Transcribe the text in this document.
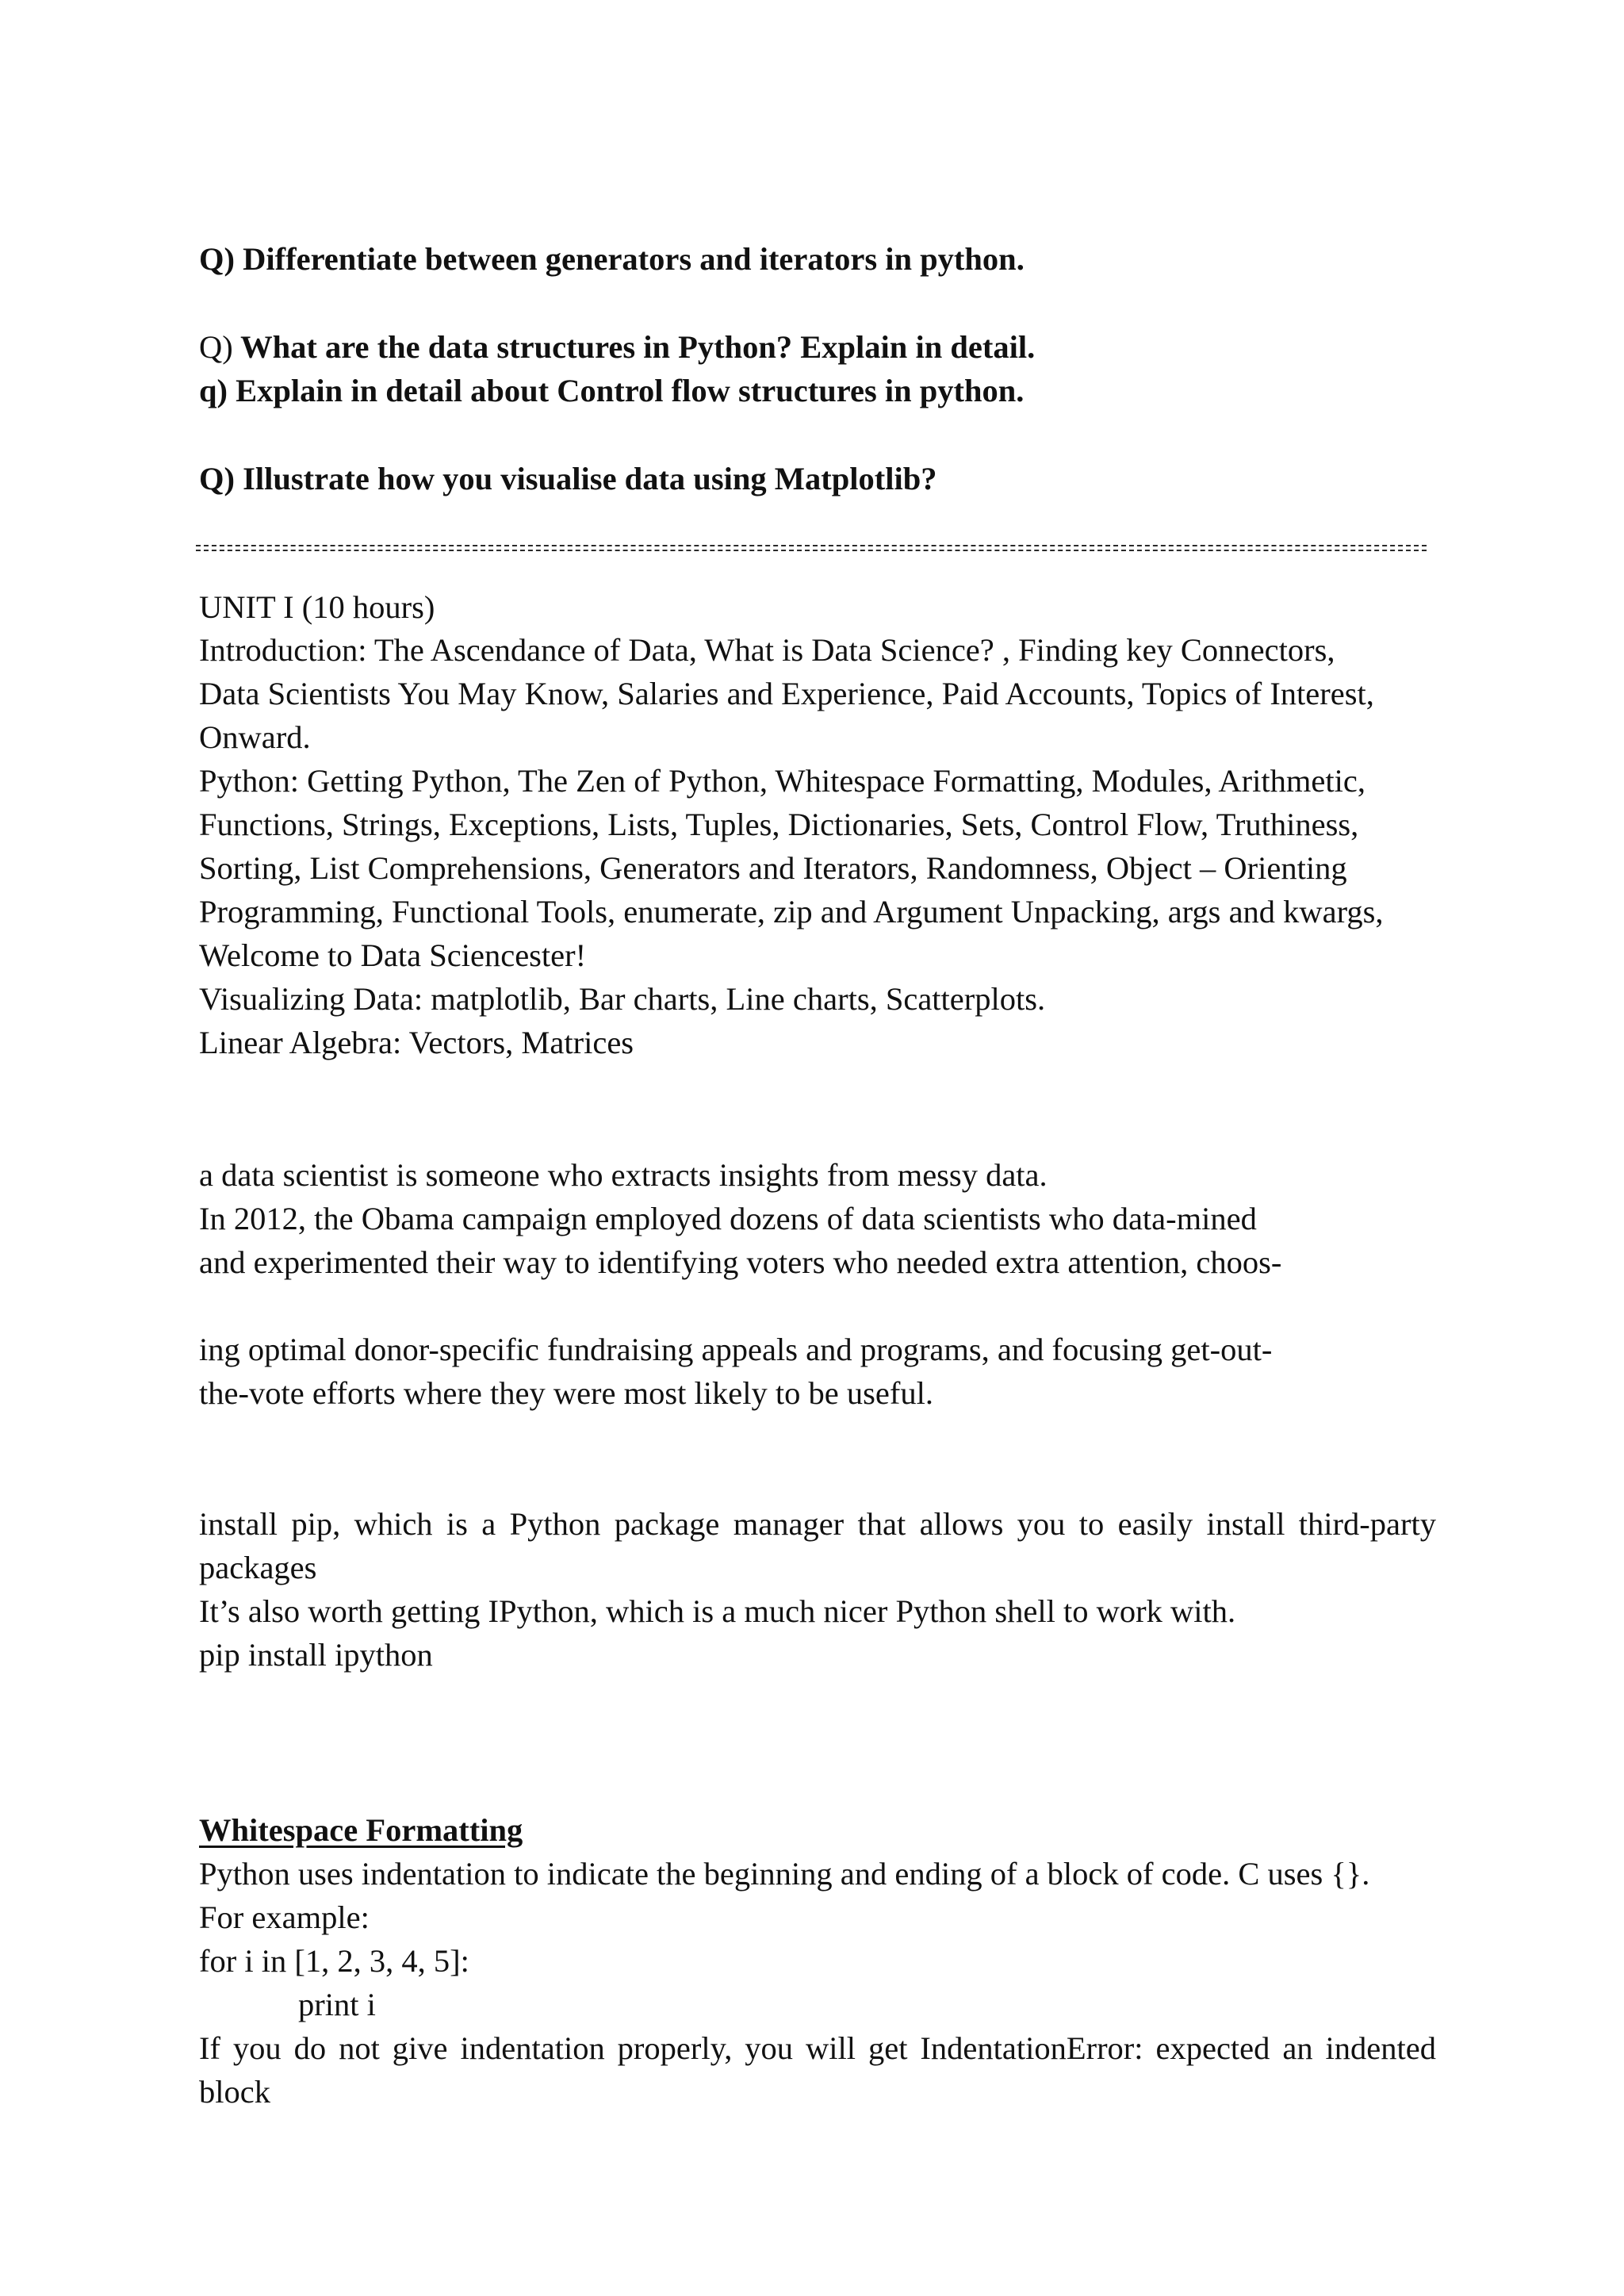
Q) Differentiate between generators and iterators in python.

Q) What are the data structures in Python? Explain in detail.

q) Explain in detail about Control flow structures in python.

Q) Illustrate how you visualise data using Matplotlib?

UNIT I (10 hours)

Introduction: The Ascendance of Data, What is Data Science? , Finding key Connectors,

Data Scientists You May Know, Salaries and Experience, Paid Accounts, Topics of Interest,

Onward.

Python: Getting Python, The Zen of Python, Whitespace Formatting, Modules, Arithmetic,

Functions, Strings, Exceptions, Lists, Tuples, Dictionaries, Sets, Control Flow, Truthiness,

Sorting, List Comprehensions, Generators and Iterators, Randomness, Object – Orienting

Programming, Functional Tools, enumerate, zip and Argument Unpacking, args and kwargs,

Welcome to Data Sciencester!

Visualizing Data: matplotlib, Bar charts, Line charts, Scatterplots.

Linear Algebra: Vectors, Matrices

a data scientist is someone who extracts insights from messy data.

In 2012, the Obama campaign employed dozens of data scientists who data-mined

and experimented their way to identifying voters who needed extra attention, choos-

ing optimal donor-specific fundraising appeals and programs, and focusing get-out-

the-vote efforts where they were most likely to be useful.

install pip, which is a Python package manager that allows you to easily install third-party

packages

It’s also worth getting IPython, which is a much nicer Python shell to work with.

pip install ipython

Whitespace Formatting

Python uses indentation to indicate the beginning and ending of a block of code. C uses {}.

For example:

for i in [1, 2, 3, 4, 5]:

print i

If you do not give indentation properly, you will get IndentationError: expected an indented

block
